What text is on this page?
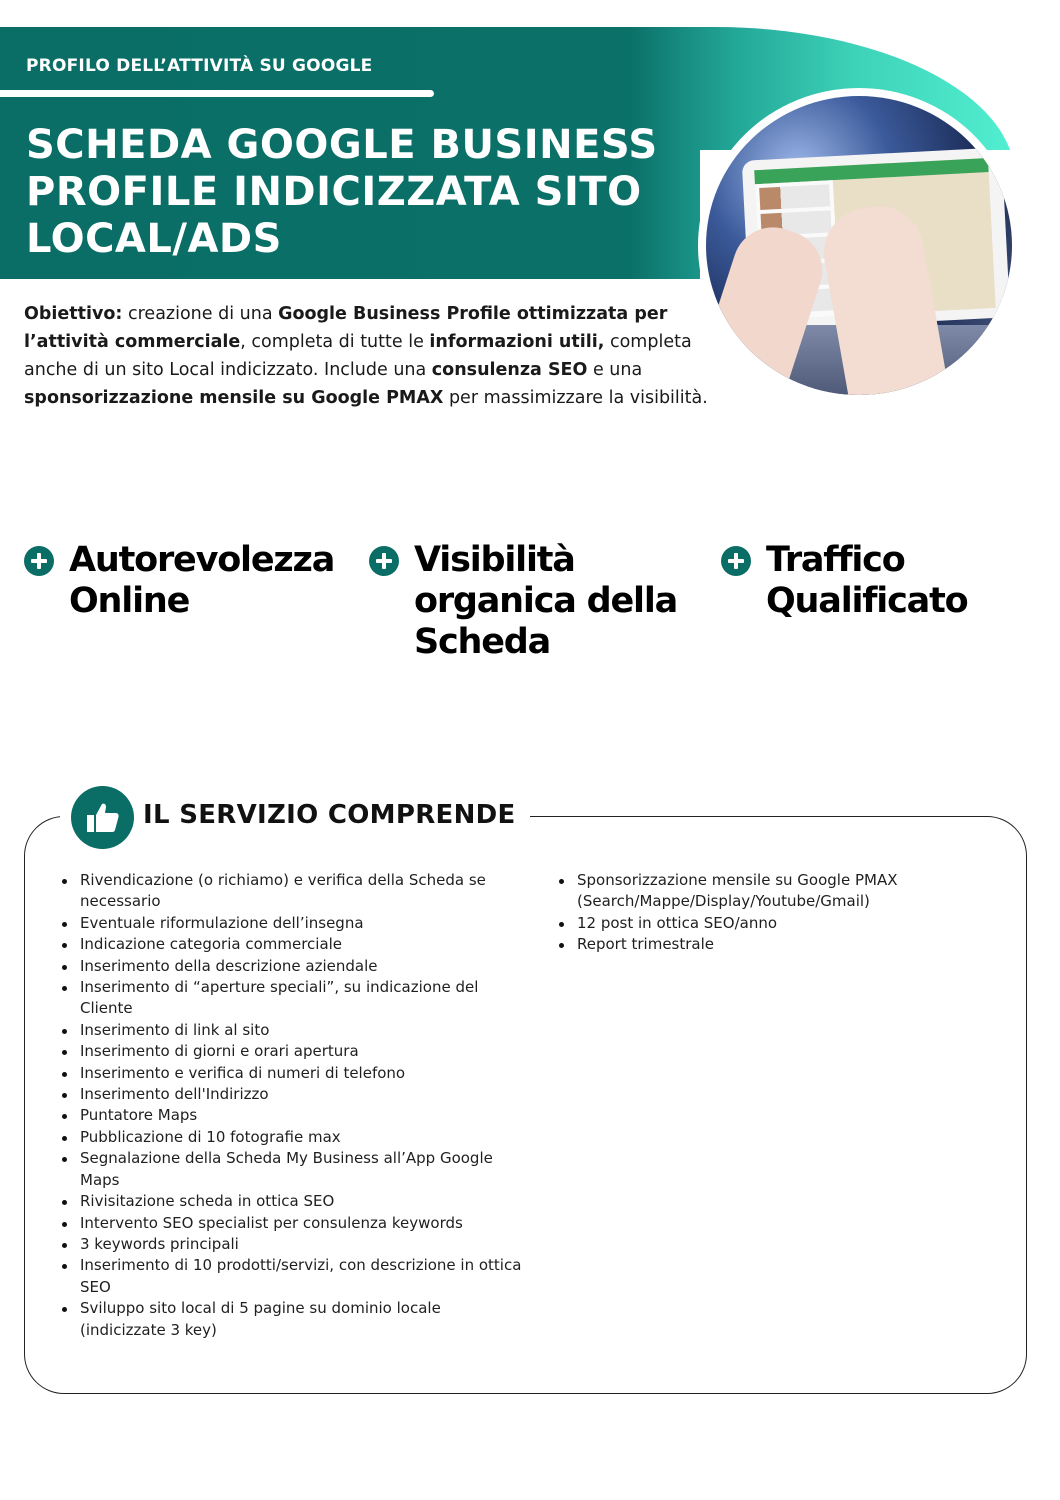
PROFILO DELL’ATTIVITÀ SU GOOGLE
SCHEDA GOOGLE BUSINESS PROFILE INDICIZZATA SITO LOCAL/ADS

Obiettivo: creazione di una Google Business Profile ottimizzata per l’attività commerciale, completa di tutte le informazioni utili, completa anche di un sito Local indicizzato. Include una consulenza SEO e una sponsorizzazione mensile su Google PMAX per massimizzare la visibilità.

Autorevolezza Online
Visibilità organica della Scheda
Traffico Qualificato
IL SERVIZIO COMPRENDE
Rivendicazione (o richiamo) e verifica della Scheda se necessario
Eventuale riformulazione dell’insegna
Indicazione categoria commerciale
Inserimento della descrizione aziendale
Inserimento di “aperture speciali”, su indicazione del Cliente
Inserimento di link al sito
Inserimento di giorni e orari apertura
Inserimento e verifica di numeri di telefono
Inserimento dell'Indirizzo
Puntatore Maps
Pubblicazione di 10 fotografie max
Segnalazione della Scheda My Business all’App Google Maps
Rivisitazione scheda in ottica SEO
Intervento SEO specialist per consulenza keywords
3 keywords principali
Inserimento di 10 prodotti/servizi, con descrizione in ottica SEO
Sviluppo sito local di 5 pagine su dominio locale (indicizzate 3 key)
Sponsorizzazione mensile su Google PMAX (Search/Mappe/Display/Youtube/Gmail)
12 post in ottica SEO/anno
Report trimestrale
